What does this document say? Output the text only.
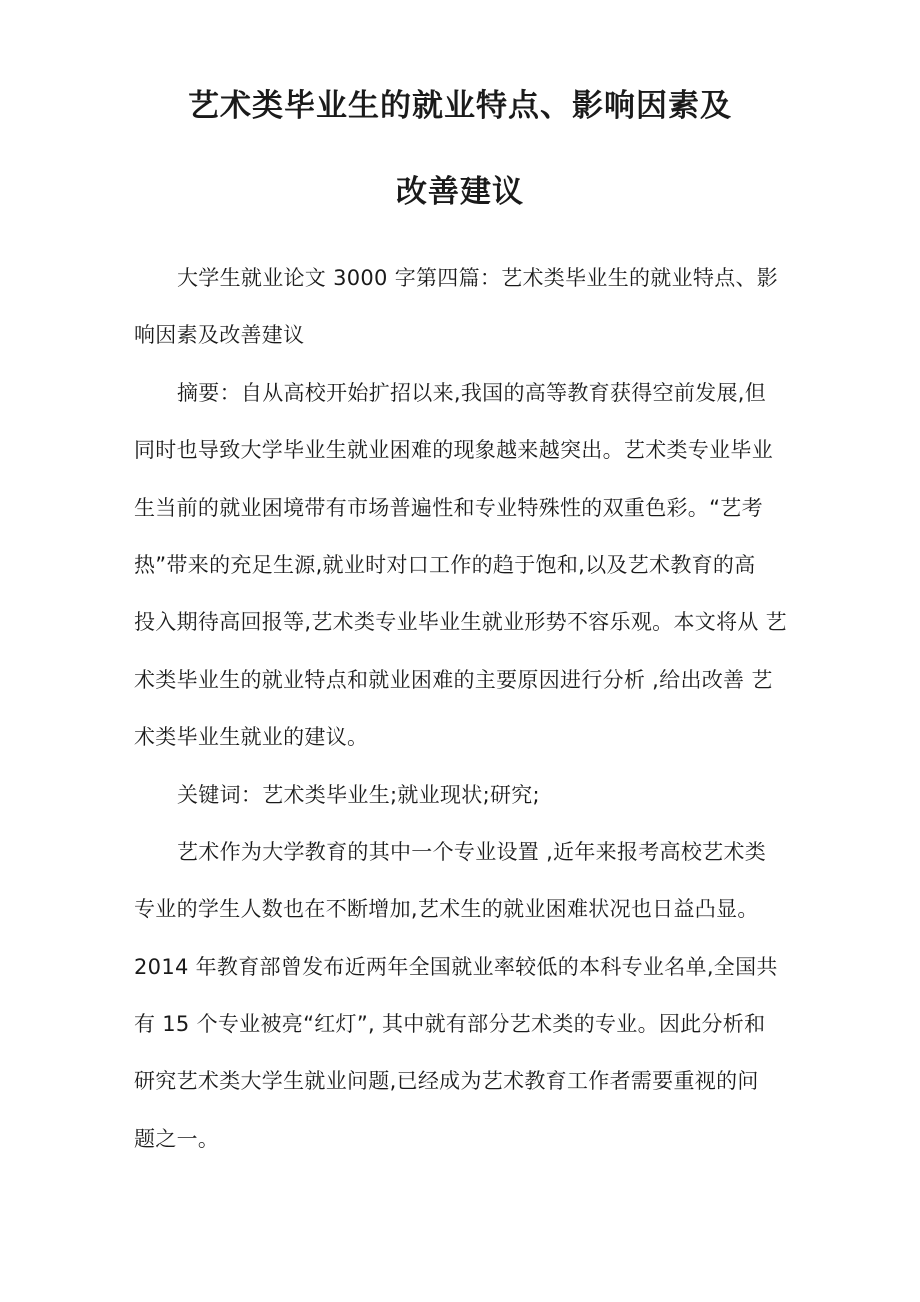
艺术类毕业生的就业特点、影响因素及
改善建议
大学生就业论文 3000 字第四篇：艺术类毕业生的就业特点、影
响因素及改善建议
摘要：自从高校开始扩招以来,我国的高等教育获得空前发展,但
同时也导致大学毕业生就业困难的现象越来越突出。艺术类专业毕业
生当前的就业困境带有市场普遍性和专业特殊性的双重色彩。“艺考
热”带来的充足生源,就业时对口工作的趋于饱和,以及艺术教育的高
投入期待高回报等,艺术类专业毕业生就业形势不容乐观。本文将从 艺
术类毕业生的就业特点和就业困难的主要原因进行分析 ,给出改善 艺
术类毕业生就业的建议。
关键词：艺术类毕业生;就业现状;研究;
艺术作为大学教育的其中一个专业设置 ,近年来报考高校艺术类
专业的学生人数也在不断增加,艺术生的就业困难状况也日益凸显。
2014 年教育部曾发布近两年全国就业率较低的本科专业名单,全国共
有 15 个专业被亮“红灯”, 其中就有部分艺术类的专业。因此分析和
研究艺术类大学生就业问题,已经成为艺术教育工作者需要重视的问
题之一。
